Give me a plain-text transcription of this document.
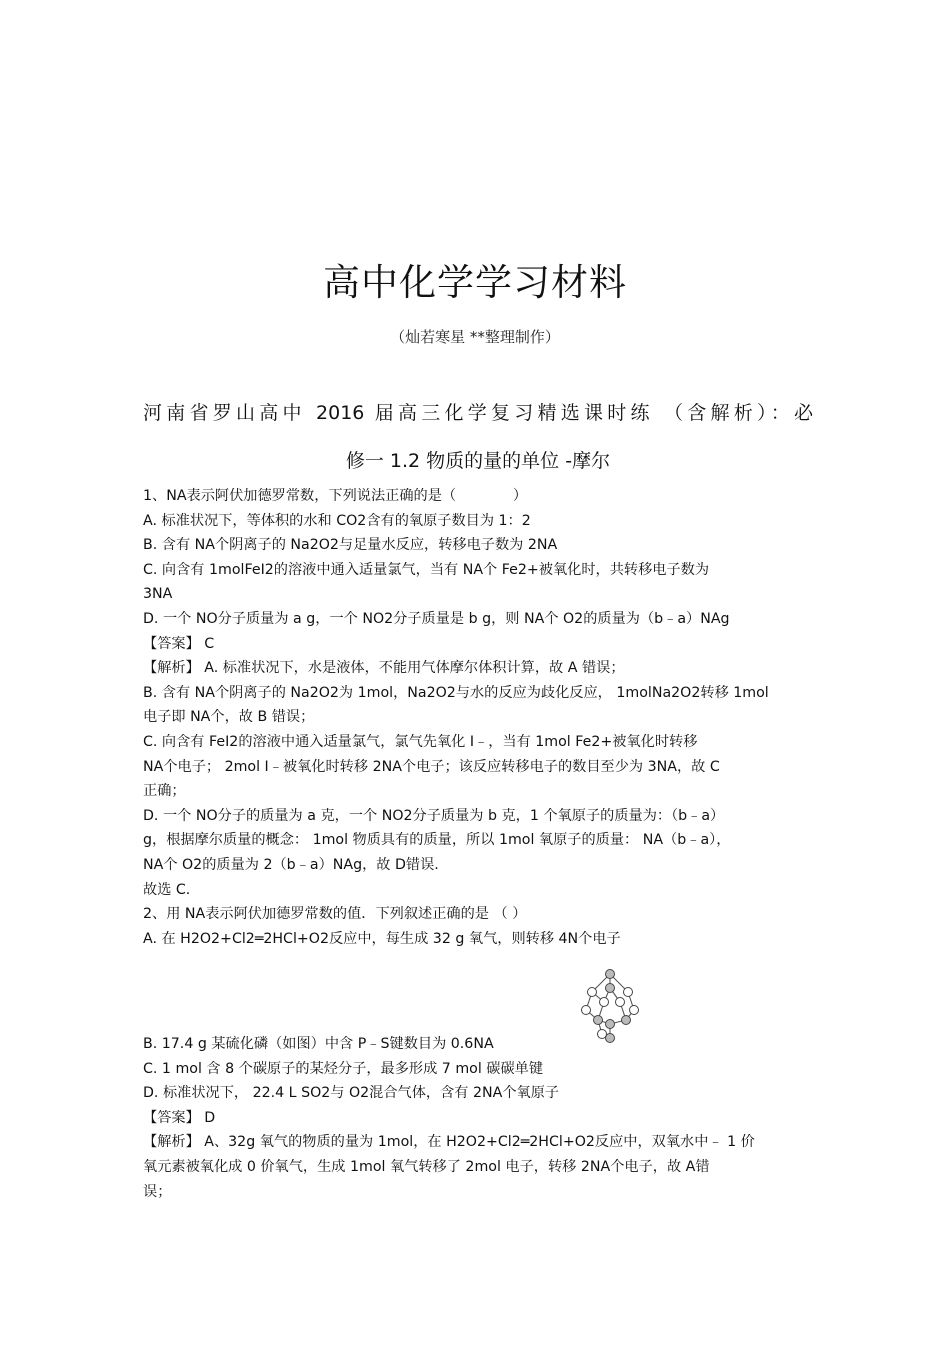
高中化学学习材料
（灿若寒星 **整理制作）
河南省罗山高中 2016 届高三化学复习精选课时练 （含解析）：必
修一 1.2 物质的量的单位 -摩尔
1、NA表示阿伏加德罗常数，下列说法正确的是（　　　　）
A. 标准状况下，等体积的水和 CO2含有的氧原子数目为 1：2
B. 含有 NA个阴离子的 Na2O2与足量水反应，转移电子数为 2NA
C. 向含有 1molFeI2的溶液中通入适量氯气，当有 NA个 Fe2+被氧化时，共转移电子数为
3NA
D. 一个 NO分子质量为 a g，一个 NO2分子质量是 b g，则 NA个 O2的质量为（b﹣a）NAg
【答案】 C
【解析】 A. 标准状况下，水是液体，不能用气体摩尔体积计算，故 A 错误；
B. 含有 NA个阴离子的 Na2O2为 1mol，Na2O2与水的反应为歧化反应， 1molNa2O2转移 1mol
电子即 NA个，故 B 错误；
C. 向含有 FeI2的溶液中通入适量氯气，氯气先氧化 I﹣，当有 1mol Fe2+被氧化时转移
NA个电子； 2mol I﹣被氧化时转移 2NA个电子；该反应转移电子的数目至少为 3NA，故 C
正确；
D. 一个 NO分子的质量为 a 克，一个 NO2分子质量为 b 克，1 个氧原子的质量为：（b﹣a）
g，根据摩尔质量的概念： 1mol 物质具有的质量，所以 1mol 氧原子的质量： NA（b﹣a），
NA个 O2的质量为 2（b﹣a）NAg，故 D错误.
故选 C.
2、用 NA表示阿伏加德罗常数的值．下列叙述正确的是 （ ）
A. 在 H2O2+Cl2═2HCl+O2反应中，每生成 32 g 氧气，则转移 4N个电子
B. 17.4 g 某硫化磷（如图）中含 P﹣S键数目为 0.6NA
C. 1 mol 含 8 个碳原子的某烃分子，最多形成 7 mol 碳碳单键
D. 标准状况下， 22.4 L SO2与 O2混合气体，含有 2NA个氧原子
【答案】 D
【解析】 A、32g 氧气的物质的量为 1mol，在 H2O2+Cl2═2HCl+O2反应中，双氧水中﹣ 1 价
氧元素被氧化成 0 价氧气，生成 1mol 氧气转移了 2mol 电子，转移 2NA个电子，故 A错
误；
